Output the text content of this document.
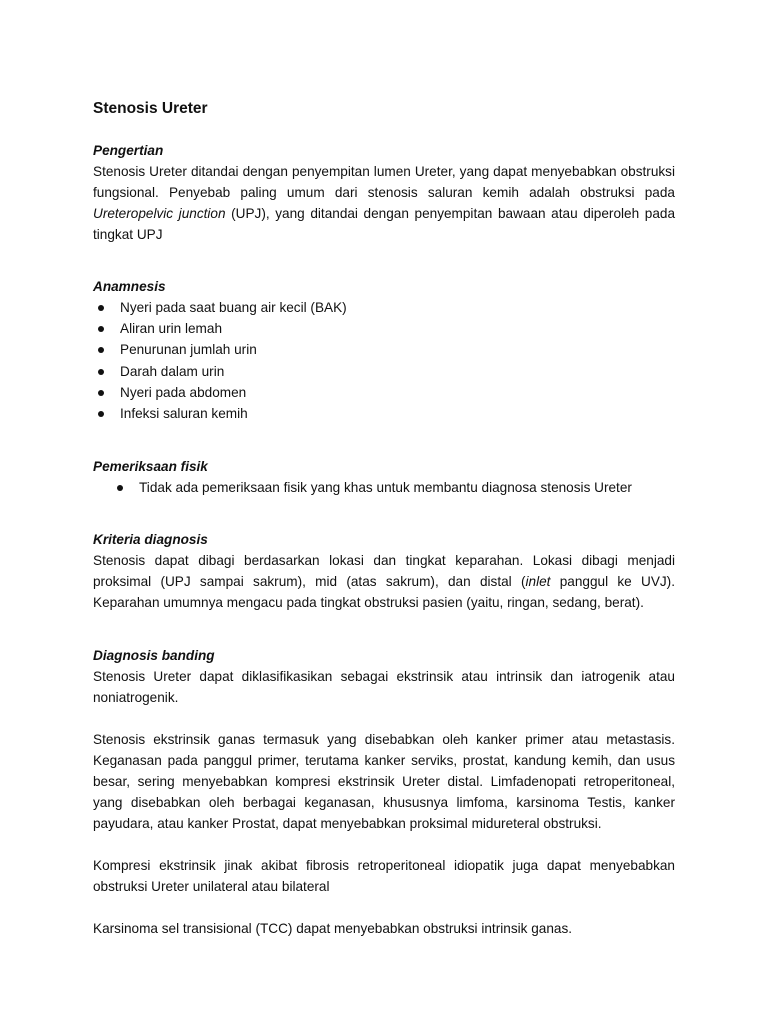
Stenosis Ureter

Pengertian

Stenosis Ureter ditandai dengan penyempitan lumen Ureter, yang dapat menyebabkan obstruksi fungsional. Penyebab paling umum dari stenosis saluran kemih adalah obstruksi pada Ureteropelvic junction (UPJ), yang ditandai dengan penyempitan bawaan atau diperoleh pada tingkat UPJ

Anamnesis

Nyeri pada saat buang air kecil (BAK)
Aliran urin lemah
Penurunan jumlah urin
Darah dalam urin
Nyeri pada abdomen
Infeksi saluran kemih

Pemeriksaan fisik

Tidak ada pemeriksaan fisik yang khas untuk membantu diagnosa stenosis Ureter

Kriteria diagnosis

Stenosis dapat dibagi berdasarkan lokasi dan tingkat keparahan. Lokasi dibagi menjadi proksimal (UPJ sampai sakrum), mid (atas sakrum), dan distal (inlet panggul ke UVJ). Keparahan umumnya mengacu pada tingkat obstruksi pasien (yaitu, ringan, sedang, berat).

Diagnosis banding

Stenosis Ureter dapat diklasifikasikan sebagai ekstrinsik atau intrinsik dan iatrogenik atau noniatrogenik.

Stenosis ekstrinsik ganas termasuk yang disebabkan oleh kanker primer atau metastasis. Keganasan pada panggul primer, terutama kanker serviks, prostat, kandung kemih, dan usus besar, sering menyebabkan kompresi ekstrinsik Ureter distal. Limfadenopati retroperitoneal, yang disebabkan oleh berbagai keganasan, khususnya limfoma, karsinoma Testis, kanker payudara, atau kanker Prostat, dapat menyebabkan proksimal midureteral obstruksi.

Kompresi ekstrinsik jinak akibat fibrosis retroperitoneal idiopatik juga dapat menyebabkan obstruksi Ureter unilateral atau bilateral

Karsinoma sel transisional (TCC) dapat menyebabkan obstruksi intrinsik ganas.
